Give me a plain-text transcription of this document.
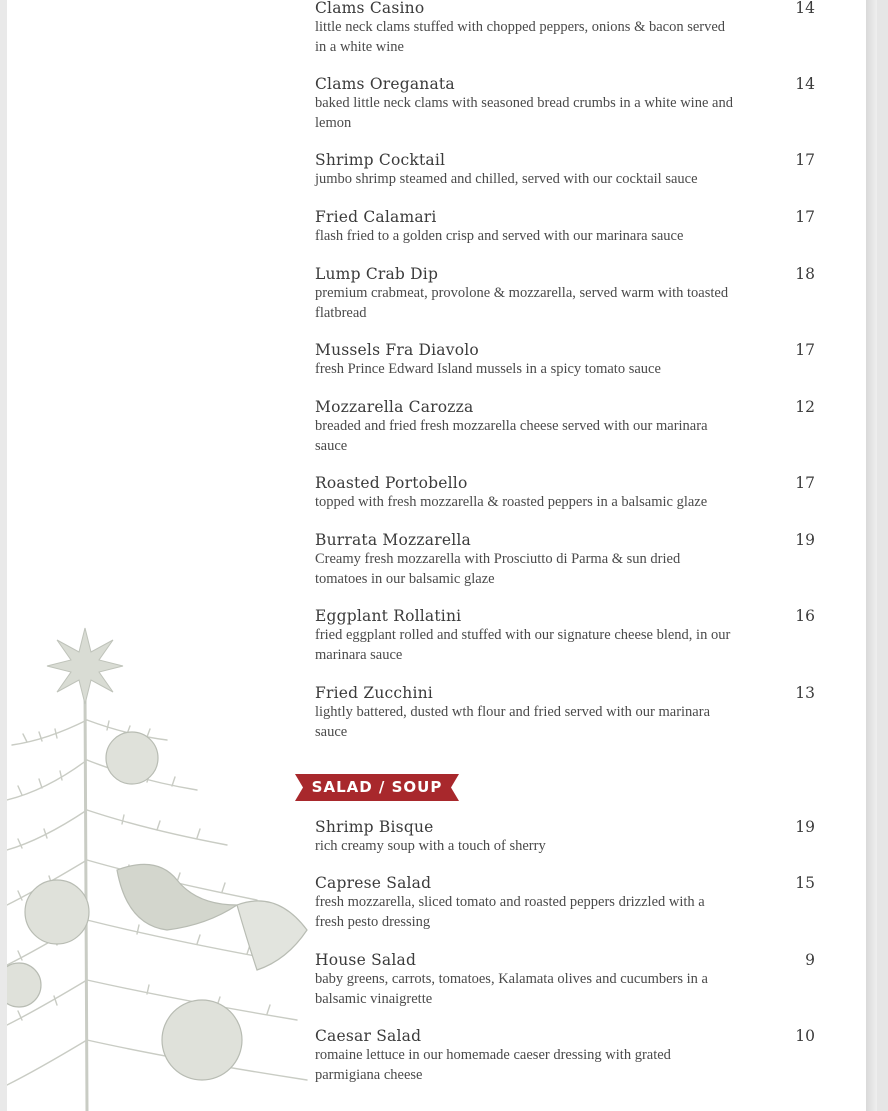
Clams Casino	14
little neck clams stuffed with chopped peppers, onions & bacon served in a white wine
Clams Oreganata	14
baked little neck clams with seasoned bread crumbs in a white wine and lemon
Shrimp Cocktail	17
jumbo shrimp steamed and chilled, served with our cocktail sauce
Fried Calamari	17
flash fried to a golden crisp and served with our marinara sauce
Lump Crab Dip	18
premium crabmeat, provolone & mozzarella, served warm with toasted flatbread
Mussels Fra Diavolo	17
fresh Prince Edward Island mussels in a spicy tomato sauce
Mozzarella Carozza	12
breaded and fried fresh mozzarella cheese served with our marinara sauce
Roasted Portobello	17
topped with fresh mozzarella & roasted peppers in a balsamic glaze
Burrata Mozzarella	19
Creamy fresh mozzarella with Prosciutto di Parma & sun dried tomatoes in our balsamic glaze
Eggplant Rollatini	16
fried eggplant rolled and stuffed with our signature cheese blend, in our marinara sauce
Fried Zucchini	13
lightly battered, dusted wth flour and fried served with our marinara sauce
SALAD / SOUP
Shrimp Bisque	19
rich creamy soup with a touch of sherry
Caprese Salad	15
fresh mozzarella, sliced tomato and roasted peppers drizzled with a fresh pesto dressing
House Salad	9
baby greens, carrots, tomatoes, Kalamata olives and cucumbers in a balsamic vinaigrette
Caesar Salad	10
romaine lettuce in our homemade caeser dressing with grated parmigiana cheese
